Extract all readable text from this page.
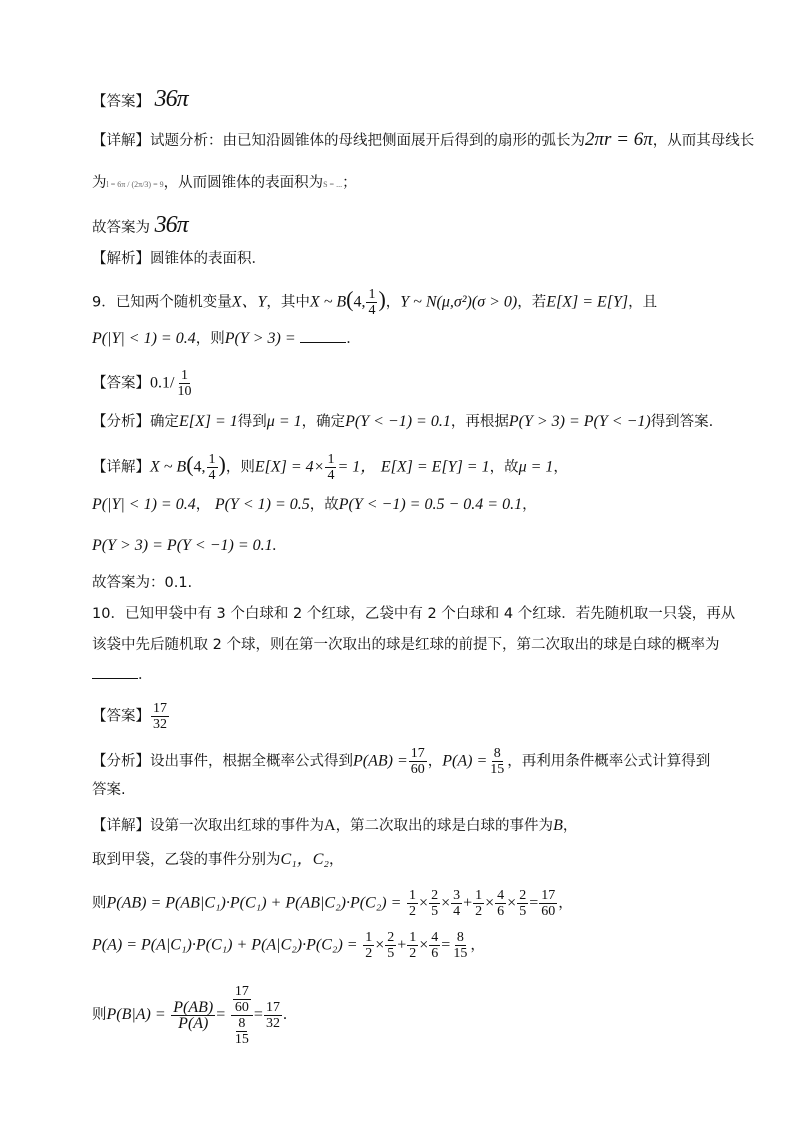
【答案】 36π
【详解】试题分析：由已知沿圆锥体的母线把侧面展开后得到的扇形的弧长为2πr = 6π，从而其母线长
为l = 6π / (2π/3) = 9，从而圆锥体的表面积为S = ...；
故答案为 36π
【解析】圆锥体的表面积．
9．已知两个随机变量X、Y，其中X ~ B(4, $\frac{1}{4}$ )，Y ~ N(μ,σ²)(σ > 0)，若E[X] = E[Y]，且
P(|Y| < 1) = 0.4，则P(Y > 3) =	．
【答案】$0.1/ \frac{1}{10}$
【分析】确定E[X] = 1得到μ = 1，确定P(Y < −1) = 0.1，再根据P(Y > 3) = P(Y < −1)得到答案.
【详解】X ~ B(4, $\frac{1}{4}$ )，则$E[X] = 4\times \frac{1}{4} = 1$， E[X] = E[Y] = 1，故μ = 1，
P(|Y| < 1) = 0.4， P(Y < 1) = 0.5，故P(Y < −1) = 0.5 − 0.4 = 0.1，
P(Y > 3) = P(Y < −1) = 0.1.
故答案为：0.1.
10．已知甲袋中有 3 个白球和 2 个红球，乙袋中有 2 个白球和 4 个红球．若先随机取一只袋，再从
该袋中先后随机取 2 个球，则在第一次取出的球是红球的前提下，第二次取出的球是白球的概率为
．
【答案】 $\frac{17}{32}$
【分析】设出事件，根据全概率公式得到$P(AB) = \frac{17}{60}$ ，$P(A) = \frac{8}{15}$ ，再利用条件概率公式计算得到
答案.
【详解】设第一次取出红球的事件为A，第二次取出的球是白球的事件为B，
取到甲袋，乙袋的事件分别为C₁，C₂，
则$P(AB) = P(AB|C_1)\cdot P(C_1) + P(AB|C_2)\cdot P(C_2) = \frac{1}{2} \times \frac{2}{5} \times \frac{3}{4} + \frac{1}{2} \times \frac{4}{6} \times \frac{2}{5} = \frac{17}{60}$ ，
$P(A) = P(A|C_1)\cdot P(C_1) + P(A|C_2)\cdot P(C_2) = \frac{1}{2} \times \frac{2}{5} + \frac{1}{2} \times \frac{4}{6} = \frac{8}{15}$ ，
则$P(B|A) = \frac{P(AB)}{P(A)} = 17$
60
8
$15 = \frac{17}{32}$ .
